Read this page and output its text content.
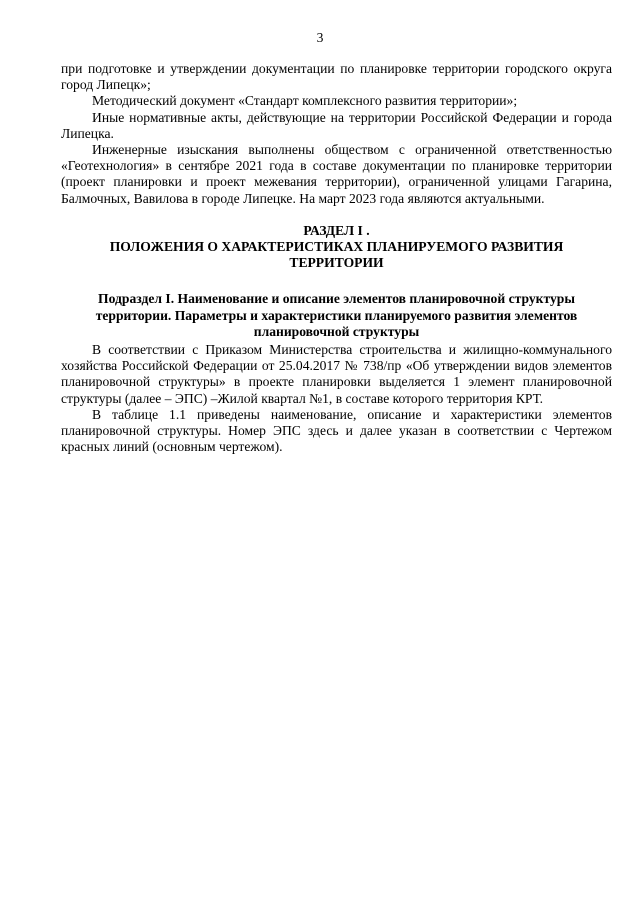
3

при подготовке и утверждении документации по планировке территории городского округа город Липецк»;

Методический документ «Стандарт комплексного развития территории»;

Иные нормативные акты, действующие на территории Российской Федерации и города Липецка.

Инженерные изыскания выполнены обществом с ограниченной ответственностью «Геотехнология» в сентябре 2021 года в составе документации по планировке территории (проект планировки и проект межевания территории), ограниченной улицами Гагарина, Балмочных, Вавилова в городе Липецке. На март 2023 года являются актуальными.

РАЗДЕЛ I .
ПОЛОЖЕНИЯ О ХАРАКТЕРИСТИКАХ ПЛАНИРУЕМОГО РАЗВИТИЯ
ТЕРРИТОРИИ
Подраздел I. Наименование и описание элементов планировочной структуры территории. Параметры и характеристики планируемого развития элементов планировочной структуры

В соответствии с Приказом Министерства строительства и жилищно-коммунального хозяйства Российской Федерации от 25.04.2017 № 738/пр «Об утверждении видов элементов планировочной структуры» в проекте планировки выделяется 1 элемент планировочной структуры (далее – ЭПС) –Жилой квартал №1, в составе которого территория КРТ.

В таблице 1.1 приведены наименование, описание и характеристики элементов планировочной структуры. Номер ЭПС здесь и далее указан в соответствии с Чертежом красных линий (основным чертежом).
